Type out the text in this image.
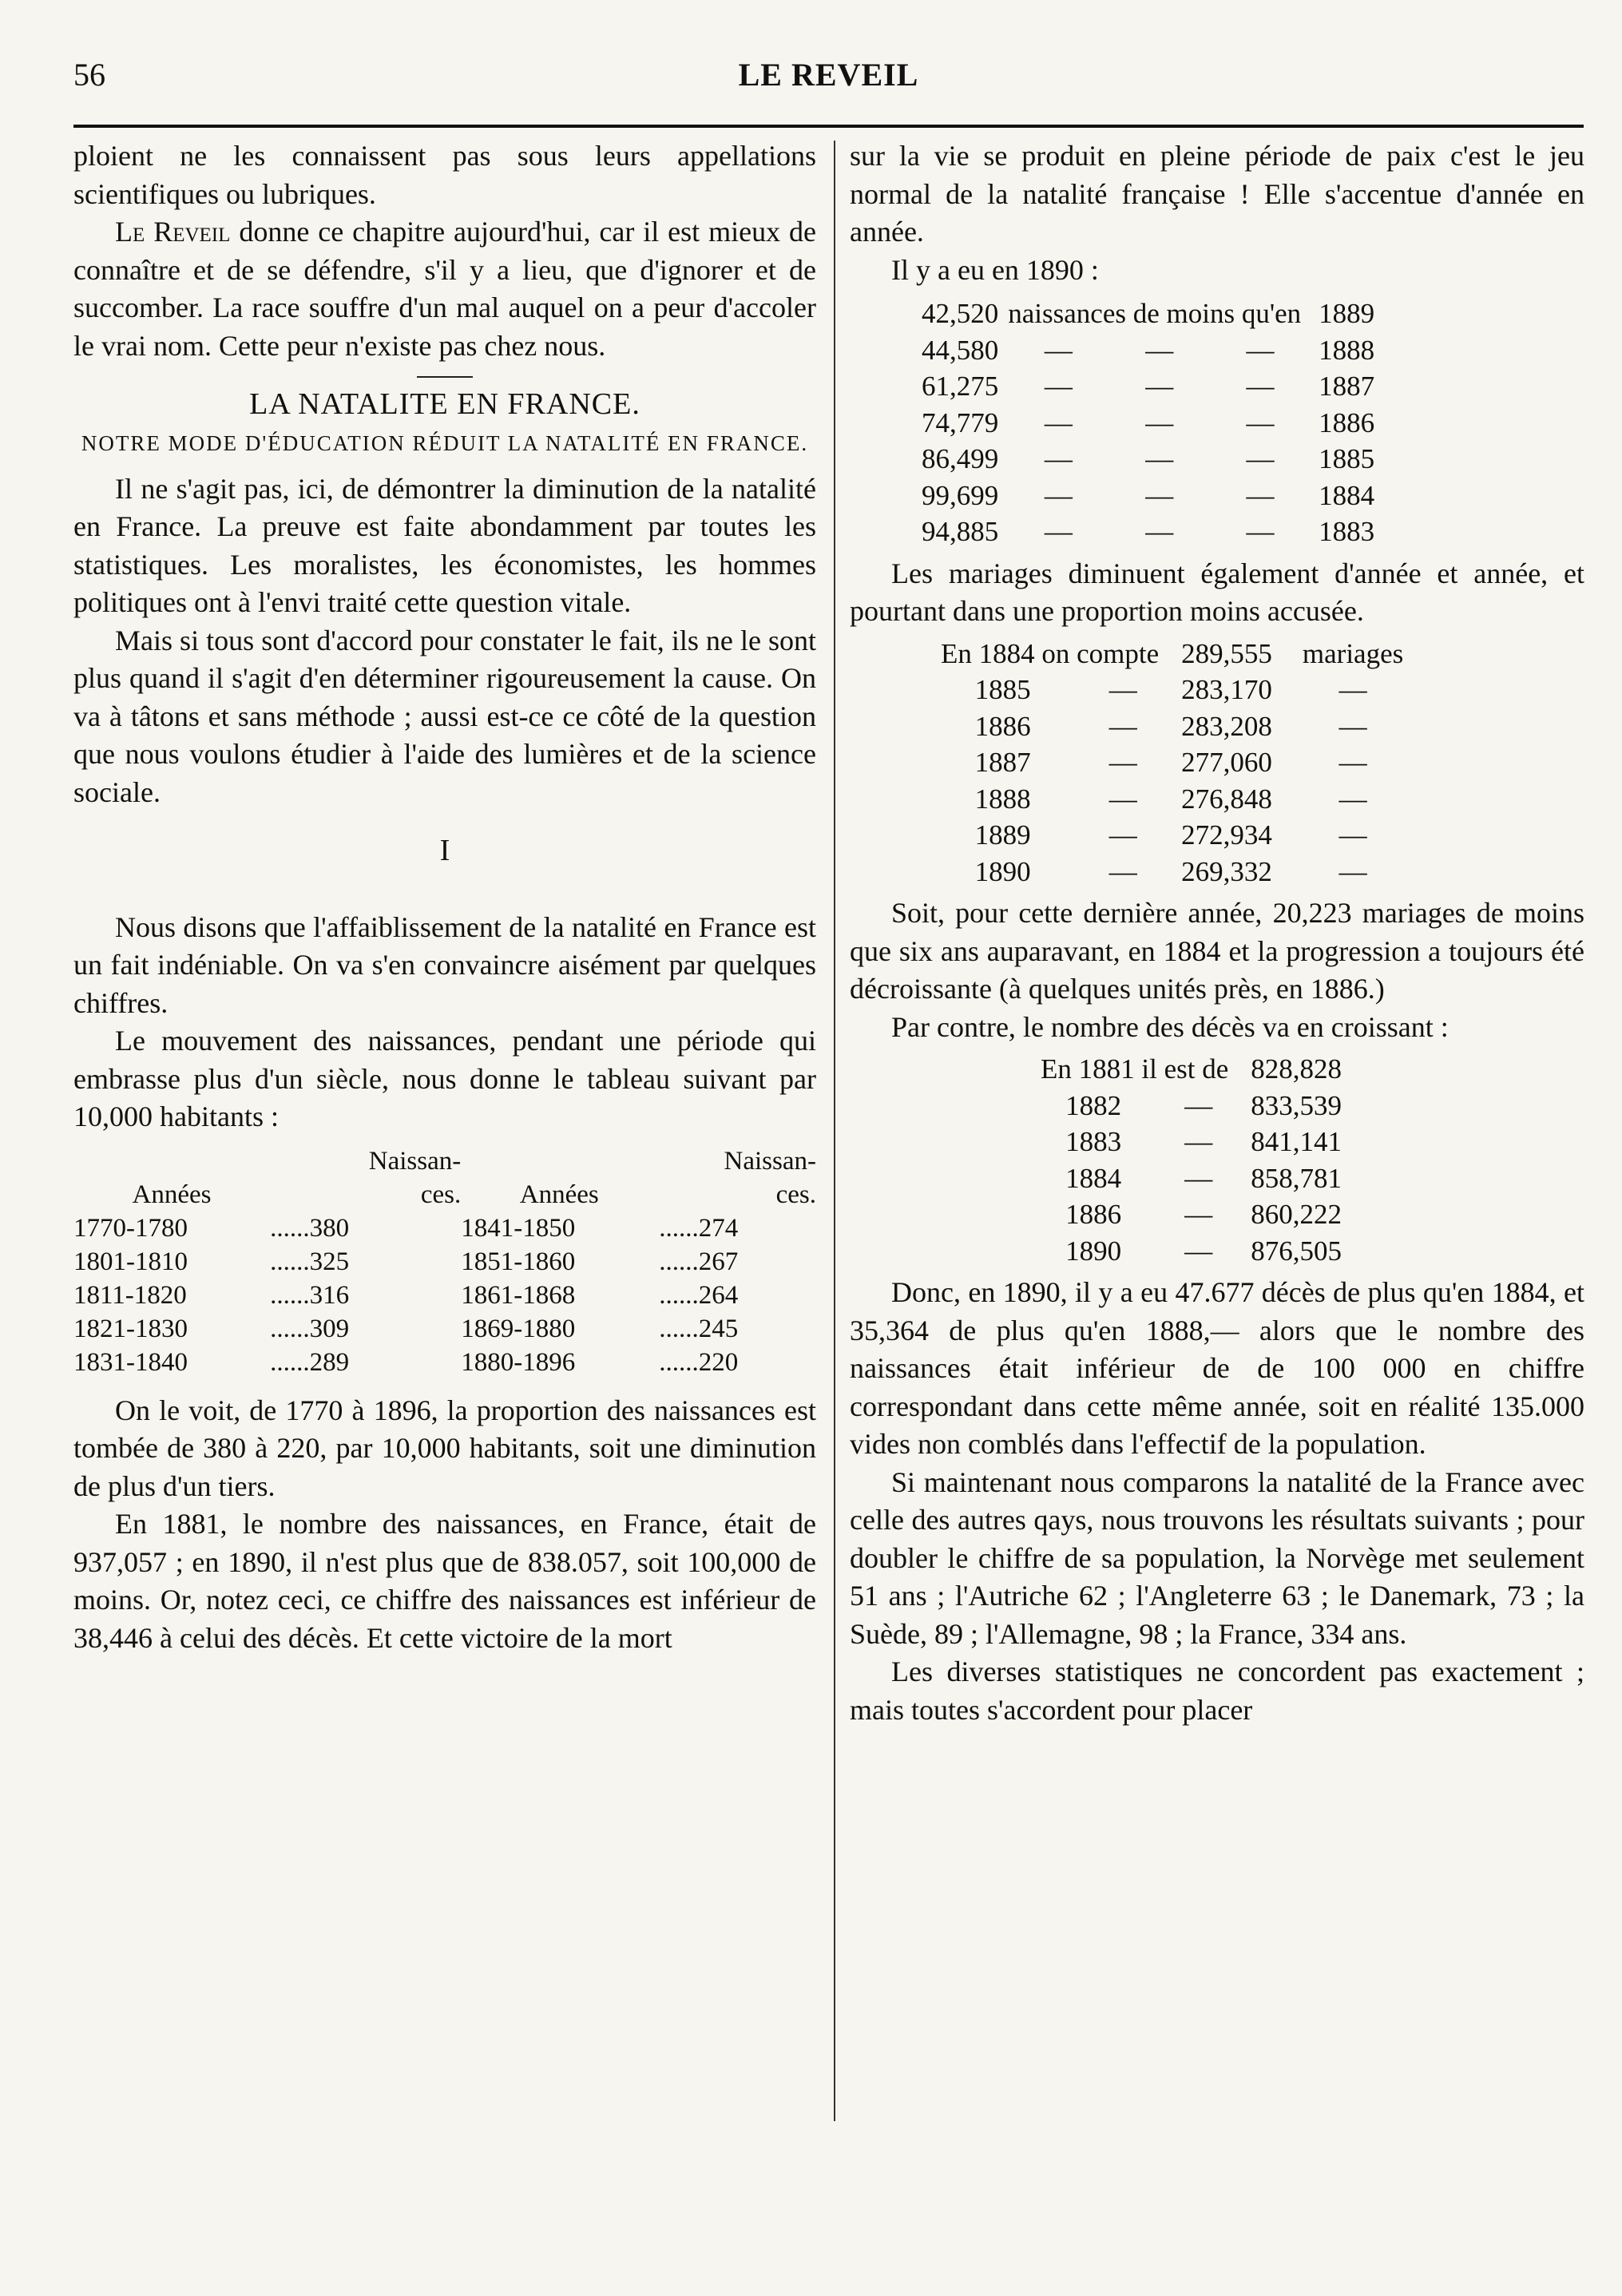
56	LE REVEIL

ploient ne les connaissent pas sous leurs appellations scientifiques ou lubriques.

Le Reveil donne ce chapitre aujourd'hui, car il est mieux de connaître et de se défendre, s'il y a lieu, que d'ignorer et de succomber. La race souffre d'un mal auquel on a peur d'accoler le vrai nom. Cette peur n'existe pas chez nous.

LA NATALITE EN FRANCE.
NOTRE MODE D'ÉDUCATION RÉDUIT LA NATALITÉ EN FRANCE.

Il ne s'agit pas, ici, de démontrer la diminution de la natalité en France. La preuve est faite abondamment par toutes les statistiques. Les moralistes, les économistes, les hommes politiques ont à l'envi traité cette question vitale.

Mais si tous sont d'accord pour constater le fait, ils ne le sont plus quand il s'agit d'en déterminer rigoureusement la cause. On va à tâtons et sans méthode ; aussi est-ce ce côté de la question que nous voulons étudier à l'aide des lumières et de la science sociale.

I

Nous disons que l'affaiblissement de la natalité en France est un fait indéniable. On va s'en convaincre aisément par quelques chiffres.

Le mouvement des naissances, pendant une période qui embrasse plus d'un siècle, nous donne le tableau suivant par 10,000 habitants :

	Naissan-		Naissan-
Années	ces.	Années	ces.
1770-1780	......380	1841-1850	......274
1801-1810	......325	1851-1860	......267
1811-1820	......316	1861-1868	......264
1821-1830	......309	1869-1880	......245
1831-1840	......289	1880-1896	......220

On le voit, de 1770 à 1896, la proportion des naissances est tombée de 380 à 220, par 10,000 habitants, soit une diminution de plus d'un tiers.

En 1881, le nombre des naissances, en France, était de 937,057 ; en 1890, il n'est plus que de 838.057, soit 100,000 de moins. Or, notez ceci, ce chiffre des naissances est inférieur de 38,446 à celui des décès. Et cette victoire de la mort

sur la vie se produit en pleine période de paix c'est le jeu normal de la natalité française ! Elle s'accentue d'année en année.

Il y a eu en 1890 :

42,520	naissances de moins qu'en			1889
44,580	—	—	—	1888
61,275	—	—	—	1887
74,779	—	—	—	1886
86,499	—	—	—	1885
99,699	—	—	—	1884
94,885	—	—	—	1883

Les mariages diminuent également d'année et année, et pourtant dans une proportion moins accusée.

En 1884 on compte		289,555	mariages
1885	—	283,170	—
1886	—	283,208	—
1887	—	277,060	—
1888	—	276,848	—
1889	—	272,934	—
1890	—	269,332	—

Soit, pour cette dernière année, 20,223 mariages de moins que six ans auparavant, en 1884 et la progression a toujours été décroissante (à quelques unités près, en 1886.)

Par contre, le nombre des décès va en croissant :

En 1881 il est de		828,828
1882	—	833,539
1883	—	841,141
1884	—	858,781
1886	—	860,222
1890	—	876,505

Donc, en 1890, il y a eu 47.677 décès de plus qu'en 1884, et 35,364 de plus qu'en 1888,— alors que le nombre des naissances était inférieur de de 100 000 en chiffre correspondant dans cette même année, soit en réalité 135.000 vides non comblés dans l'effectif de la population.

Si maintenant nous comparons la natalité de la France avec celle des autres qays, nous trouvons les résultats suivants ; pour doubler le chiffre de sa population, la Norvège met seulement 51 ans ; l'Autriche 62 ; l'Angleterre 63 ; le Danemark, 73 ; la Suède, 89 ; l'Allemagne, 98 ; la France, 334 ans.

Les diverses statistiques ne concordent pas exactement ; mais toutes s'accordent pour placer
